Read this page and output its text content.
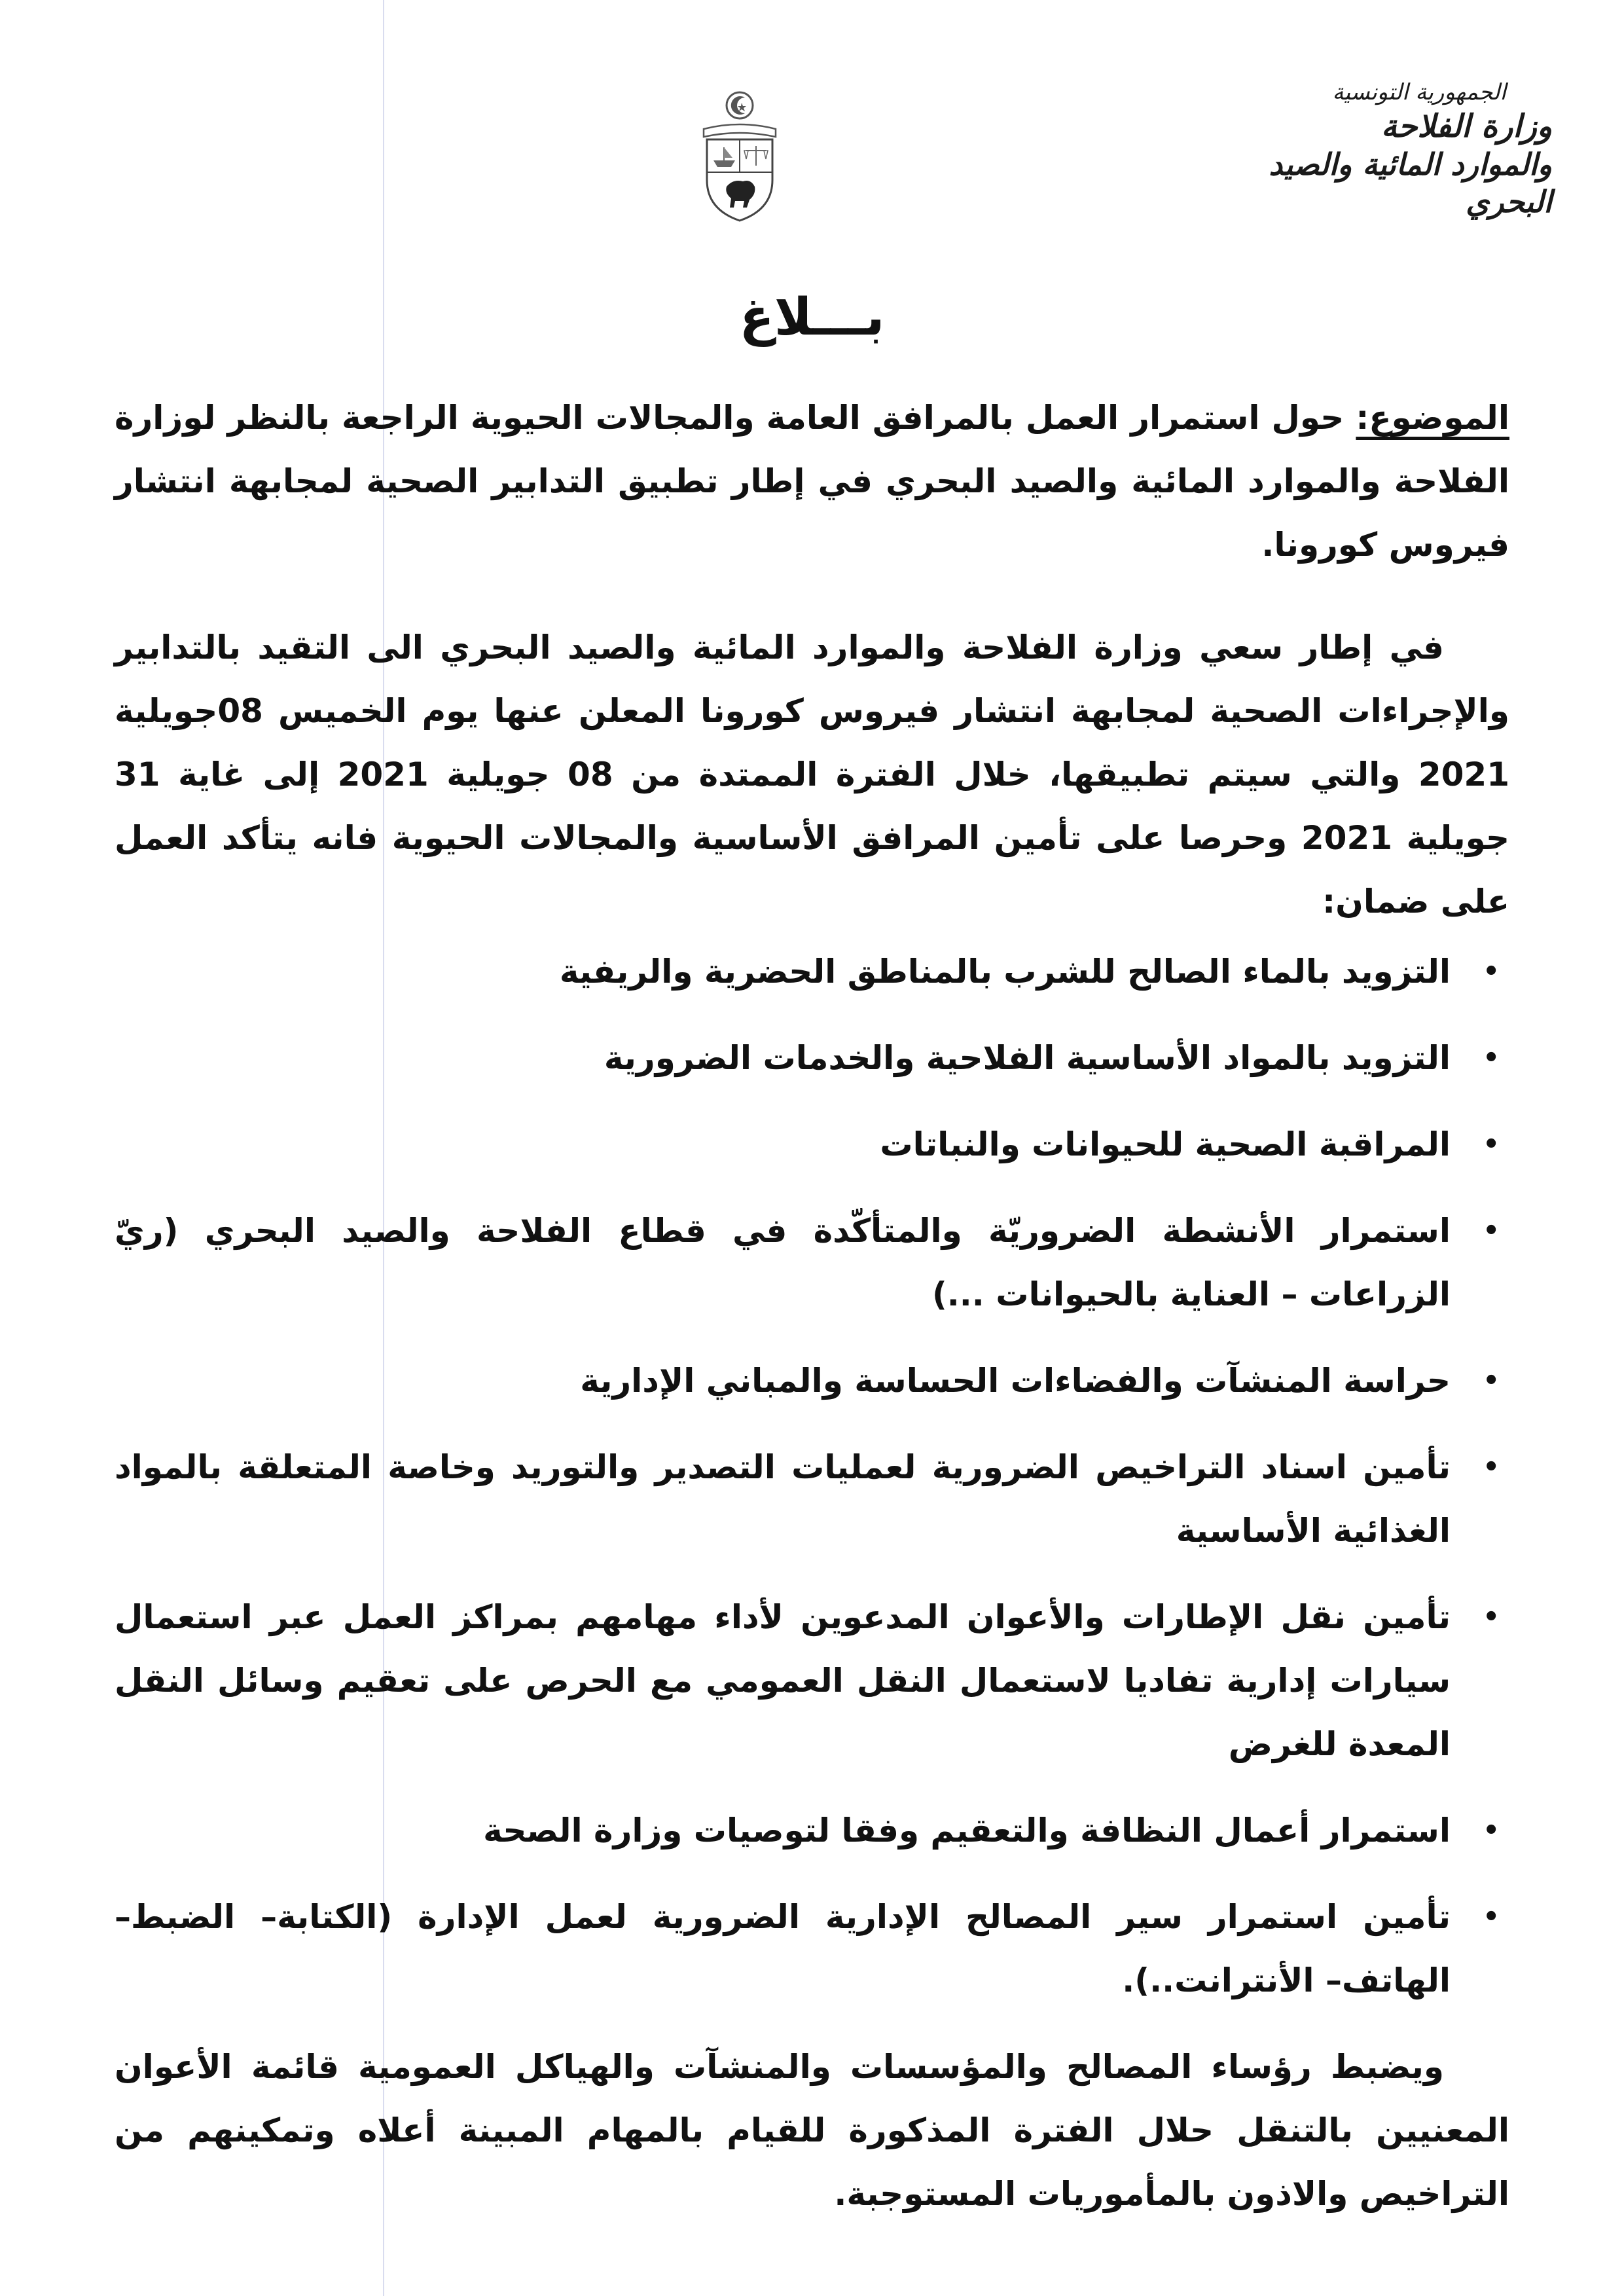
الجمهورية التونسية
وزارة الفلاحة
والموارد المائية والصيد البحري
بـــلاغ

الموضوع: حول استمرار العمل بالمرافق العامة والمجالات الحيوية الراجعة بالنظر لوزارة الفلاحة والموارد المائية والصيد البحري في إطار تطبيق التدابير الصحية لمجابهة انتشار فيروس كورونا.

في إطار سعي وزارة الفلاحة والموارد المائية والصيد البحري الى التقيد بالتدابير والإجراءات الصحية لمجابهة انتشار فيروس كورونا المعلن عنها يوم الخميس 08جويلية 2021 والتي سيتم تطبيقها، خلال الفترة الممتدة من 08 جويلية 2021 إلى غاية 31 جويلية 2021 وحرصا على تأمين المرافق الأساسية والمجالات الحيوية فانه يتأكد العمل على ضمان:

•
التزويد بالماء الصالح للشرب بالمناطق الحضرية والريفية
•
التزويد بالمواد الأساسية الفلاحية والخدمات الضرورية
•
المراقبة الصحية للحيوانات والنباتات
•
استمرار الأنشطة الضروريّة والمتأكّدة في قطاع الفلاحة والصيد البحري (ريّ الزراعات – العناية بالحيوانات ...)
•
حراسة المنشآت والفضاءات الحساسة والمباني الإدارية
•
تأمين اسناد التراخيص الضرورية لعمليات التصدير والتوريد وخاصة المتعلقة بالمواد الغذائية الأساسية
•
تأمين نقل الإطارات والأعوان المدعوين لأداء مهامهم بمراكز العمل عبر استعمال سيارات إدارية تفاديا لاستعمال النقل العمومي مع الحرص على تعقيم وسائل النقل المعدة للغرض
•
استمرار أعمال النظافة والتعقيم وفقا لتوصيات وزارة الصحة
•
تأمين استمرار سير المصالح الإدارية الضرورية لعمل الإدارة (الكتابة– الضبط– الهاتف– الأنترانت..).

ويضبط رؤساء المصالح والمؤسسات والمنشآت والهياكل العمومية قائمة الأعوان المعنيين بالتنقل حلال الفترة المذكورة للقيام بالمهام المبينة أعلاه وتمكينهم من التراخيص والاذون بالمأموريات المستوجبة.
